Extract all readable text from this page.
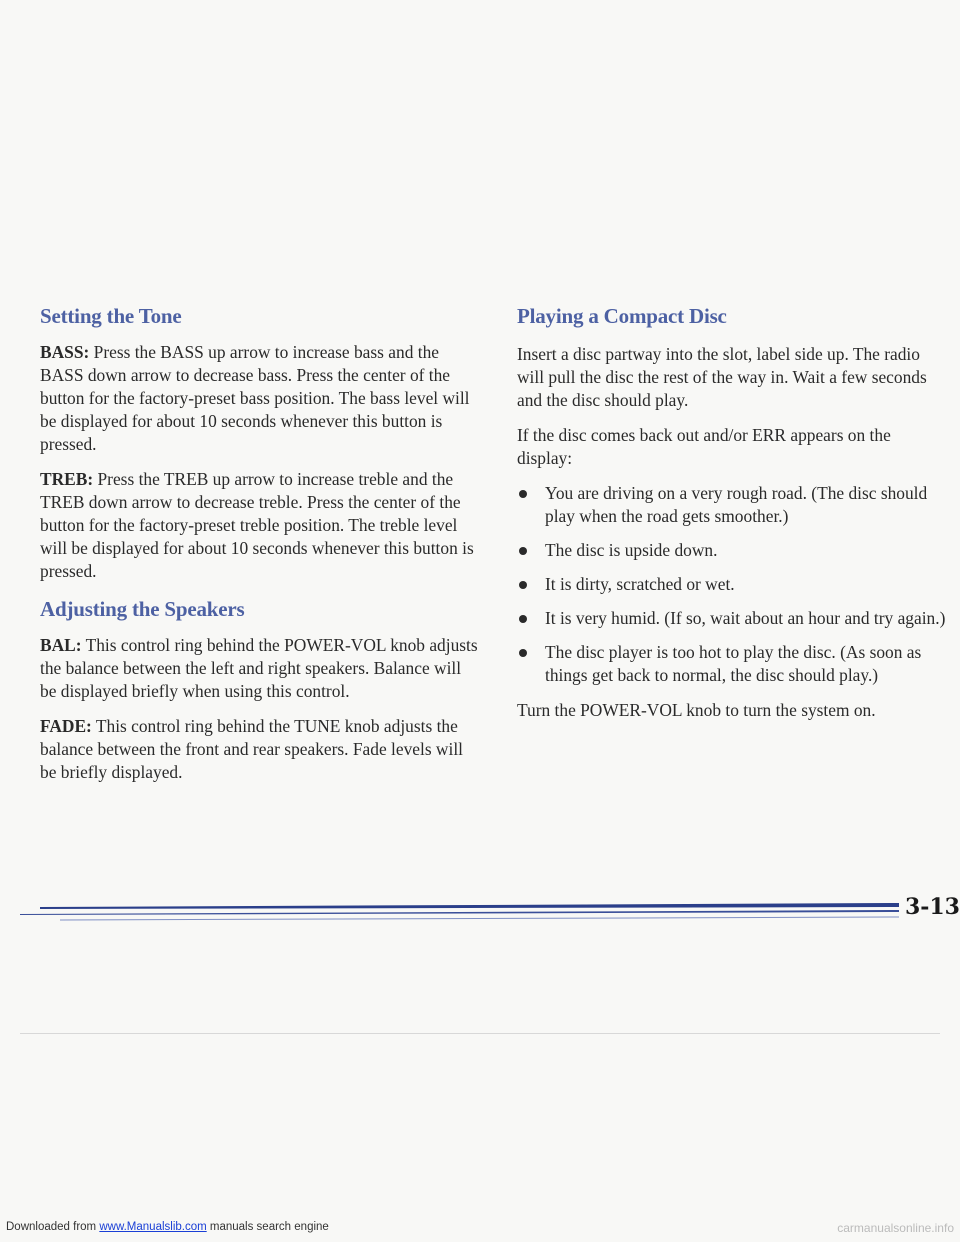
Setting the Tone

BASS: Press the BASS up arrow to increase bass and the BASS down arrow to decrease bass. Press the center of the button for the factory-preset bass position. The bass level will be displayed for about 10 seconds whenever this button is pressed.

TREB: Press the TREB up arrow to increase treble and the TREB down arrow to decrease treble. Press the center of the button for the factory-preset treble position. The treble level will be displayed for about 10 seconds whenever this button is pressed.

Adjusting the Speakers

BAL: This control ring behind the POWER-VOL knob adjusts the balance between the left and right speakers. Balance will be displayed briefly when using this control.

FADE: This control ring behind the TUNE knob adjusts the balance between the front and rear speakers. Fade levels will be briefly displayed.

Playing a Compact Disc

Insert a disc partway into the slot, label side up. The radio will pull the disc the rest of the way in. Wait a few seconds and the disc should play.

If the disc comes back out and/or ERR appears on the display:

You are driving on a very rough road. (The disc should play when the road gets smoother.)
The disc is upside down.
It is dirty, scratched or wet.
It is very humid. (If so, wait about an hour and try again.)
The disc player is too hot to play the disc. (As soon as things get back to normal, the disc should play.)

Turn the POWER-VOL knob to turn the system on.

3-13
Downloaded from www.Manualslib.com manuals search engine	carmanualsonline.info
